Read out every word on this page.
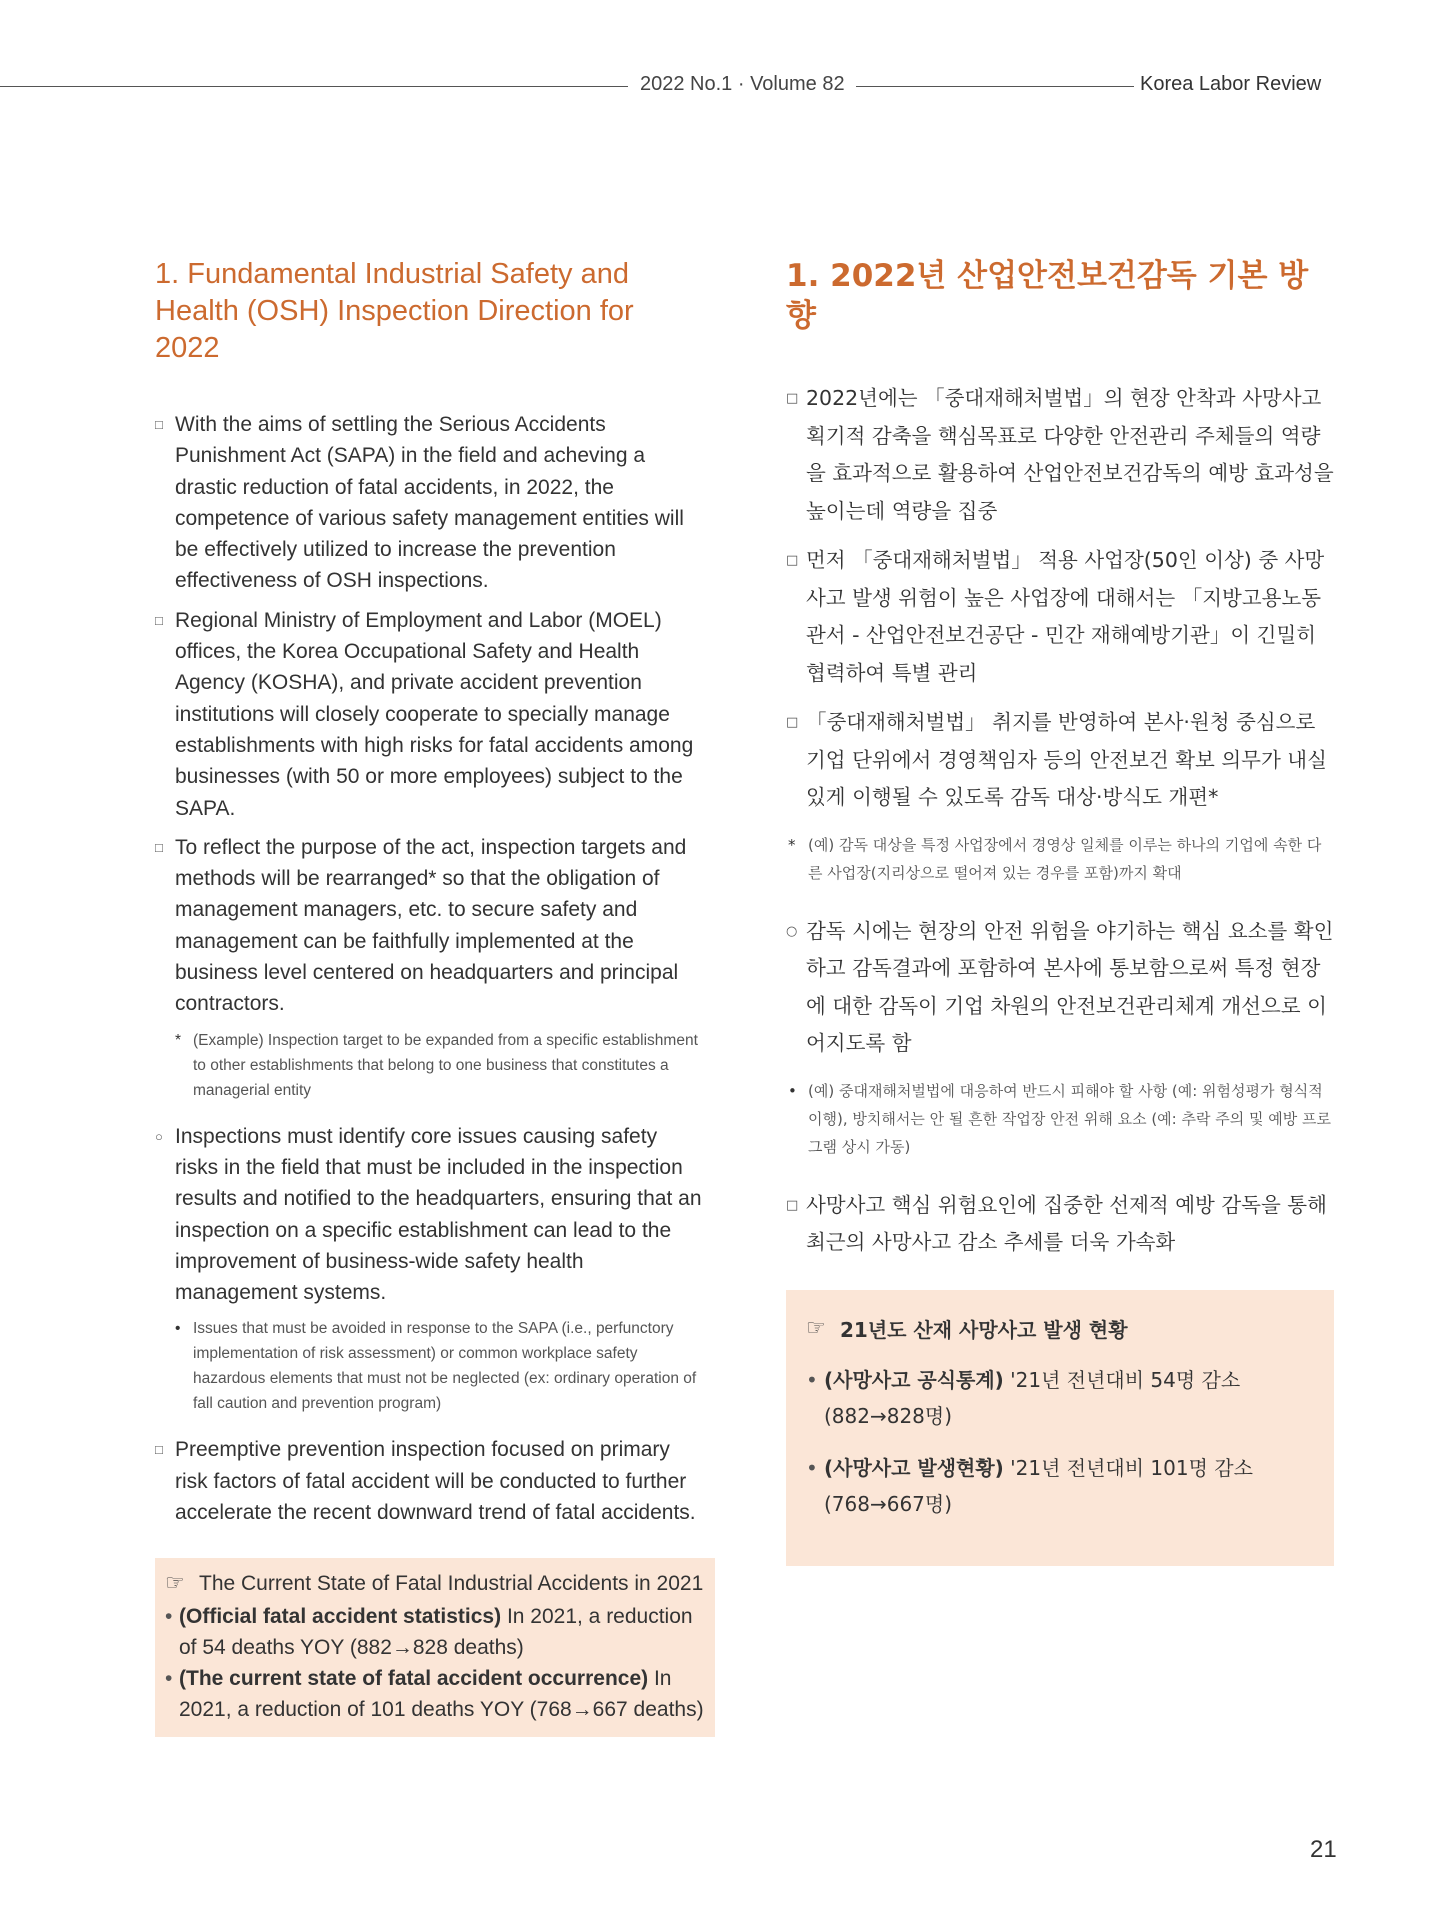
2022 No.1 · Volume 82	Korea Labor Review
1. Fundamental Industrial Safety and Health (OSH) Inspection Direction for 2022
□ With the aims of settling the Serious Accidents Punishment Act (SAPA) in the field and acheving a drastic reduction of fatal accidents, in 2022, the competence of various safety management entities will be effectively utilized to increase the prevention effectiveness of OSH inspections.
□ Regional Ministry of Employment and Labor (MOEL) offices, the Korea Occupational Safety and Health Agency (KOSHA), and private accident prevention institutions will closely cooperate to specially manage establishments with high risks for fatal accidents among businesses (with 50 or more employees) subject to the SAPA.
□ To reflect the purpose of the act, inspection targets and methods will be rearranged* so that the obligation of management managers, etc. to secure safety and management can be faithfully implemented at the business level centered on headquarters and principal contractors.
* (Example) Inspection target to be expanded from a specific establishment to other establishments that belong to one business that constitutes a managerial entity
○ Inspections must identify core issues causing safety risks in the field that must be included in the inspection results and notified to the headquarters, ensuring that an inspection on a specific establishment can lead to the improvement of business-wide safety health management systems.
• Issues that must be avoided in response to the SAPA (i.e., perfunctory implementation of risk assessment) or common workplace safety hazardous elements that must not be neglected (ex: ordinary operation of fall caution and prevention program)
□ Preemptive prevention inspection focused on primary risk factors of fatal accident will be conducted to further accelerate the recent downward trend of fatal accidents.
☞ The Current State of Fatal Industrial Accidents in 2021
• (Official fatal accident statistics) In 2021, a reduction of 54 deaths YOY (882→828 deaths)
• (The current state of fatal accident occurrence) In 2021, a reduction of 101 deaths YOY (768→667 deaths)
1. 2022년 산업안전보건감독 기본 방향
□ 2022년에는 「중대재해처벌법」의 현장 안착과 사망사고 획기적 감축을 핵심목표로 다양한 안전관리 주체들의 역량을 효과적으로 활용하여 산업안전보건감독의 예방 효과성을 높이는데 역량을 집중
□ 먼저 「중대재해처벌법」 적용 사업장(50인 이상) 중 사망사고 발생 위험이 높은 사업장에 대해서는 「지방고용노동관서 - 산업안전보건공단 - 민간 재해예방기관」이 긴밀히 협력하여 특별 관리
□ 「중대재해처벌법」 취지를 반영하여 본사·원청 중심으로 기업 단위에서 경영책임자 등의 안전보건 확보 의무가 내실 있게 이행될 수 있도록 감독 대상·방식도 개편*
* (예) 감독 대상을 특정 사업장에서 경영상 일체를 이루는 하나의 기업에 속한 다른 사업장(지리상으로 떨어져 있는 경우를 포함)까지 확대
○ 감독 시에는 현장의 안전 위험을 야기하는 핵심 요소를 확인하고 감독결과에 포함하여 본사에 통보함으로써 특정 현장에 대한 감독이 기업 차원의 안전보건관리체계 개선으로 이어지도록 함
• (예) 중대재해처벌법에 대응하여 반드시 피해야 할 사항 (예: 위험성평가 형식적 이행), 방치해서는 안 될 흔한 작업장 안전 위해 요소 (예: 추락 주의 및 예방 프로그램 상시 가동)
□ 사망사고 핵심 위험요인에 집중한 선제적 예방 감독을 통해 최근의 사망사고 감소 추세를 더욱 가속화
☞ 21년도 산재 사망사고 발생 현황
• (사망사고 공식통계) '21년 전년대비 54명 감소 (882→828명)
• (사망사고 발생현황) '21년 전년대비 101명 감소 (768→667명)
21
